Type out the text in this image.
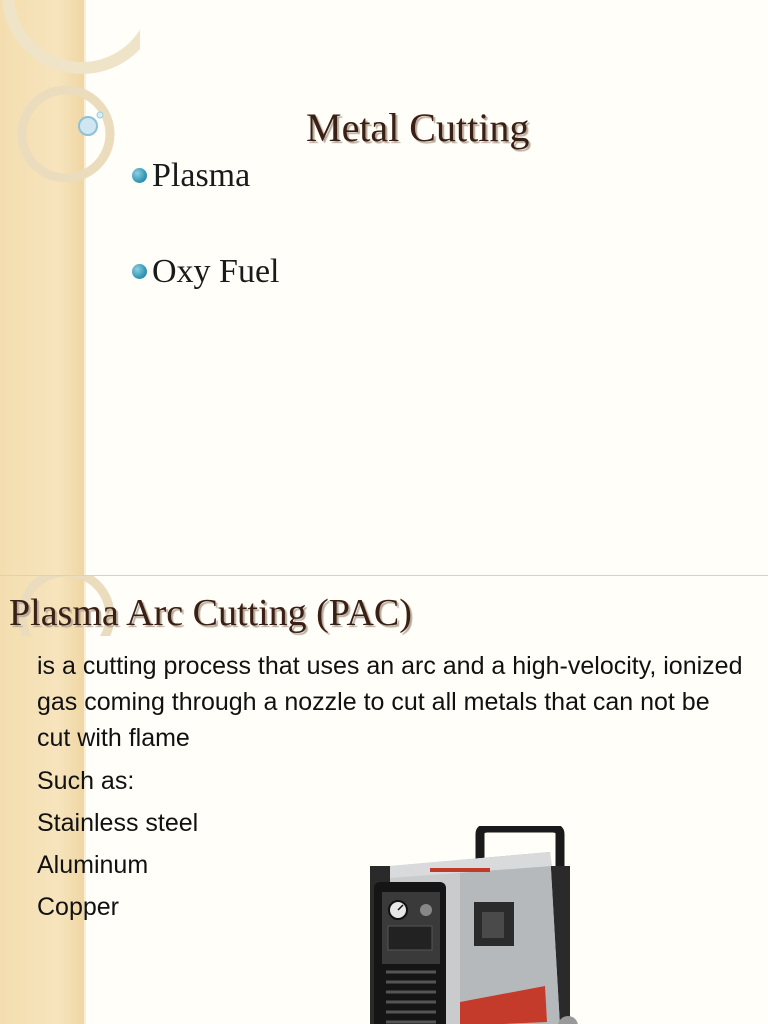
Metal Cutting
Plasma
Oxy Fuel
Plasma Arc Cutting (PAC)

is a cutting process that uses an arc and a high-velocity, ionized gas coming through a nozzle to cut all metals that can not be cut with flame

Such as:
Stainless steel
Aluminum
Copper
